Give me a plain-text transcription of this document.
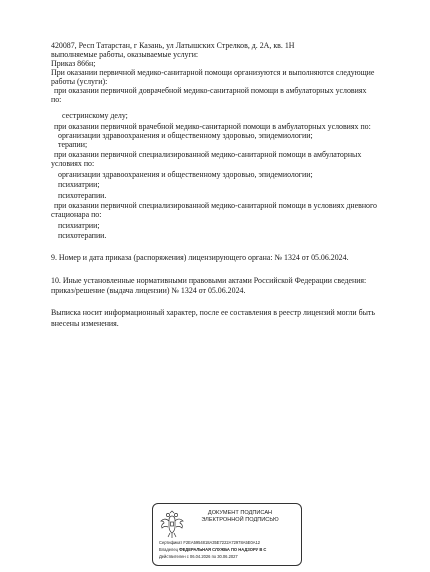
420087, Респ Татарстан, г Казань, ул Латышских Стрелков, д. 2А, кв. 1Н
выполняемые работы, оказываемые услуги:
Приказ 866н;
При оказании первичной медико-санитарной помощи организуются и выполняются следующие
работы (услуги):
при оказании первичной доврачебной медико-санитарной помощи в амбулаторных условиях
по:
сестринскому делу;
при оказании первичной врачебной медико-санитарной помощи в амбулаторных условиях по:
организации здравоохранения и общественному здоровью, эпидемиологии;
терапии;
при оказании первичной специализированной медико-санитарной помощи в амбулаторных
условиях по:
организации здравоохранения и общественному здоровью, эпидемиологии;
психиатрии;
психотерапии.
при оказании первичной специализированной медико-санитарной помощи в условиях дневного
стационара по:
психиатрии;
психотерапии.
9. Номер и дата приказа (распоряжения) лицензирующего органа: № 1324 от 05.06.2024.
10. Иные установленные нормативными правовыми актами Российской Федерации сведения:
приказ/решение (выдача лицензии) № 1324 от 05.06.2024.
Выписка носит информационный характер, после ее составления в реестр лицензий могли быть
внесены изменения.
ДОКУМЕНТ ПОДПИСАН
ЭЛЕКТРОННОЙ ПОДПИСЬЮ
Сертификат F2EA5954818A35E7222A72978A5E0A12
Владелец ФЕДЕРАЛЬНАЯ СЛУЖБА ПО НАДЗОРУ В С
Действителен с 06.04.2026 по 30.06.2027
